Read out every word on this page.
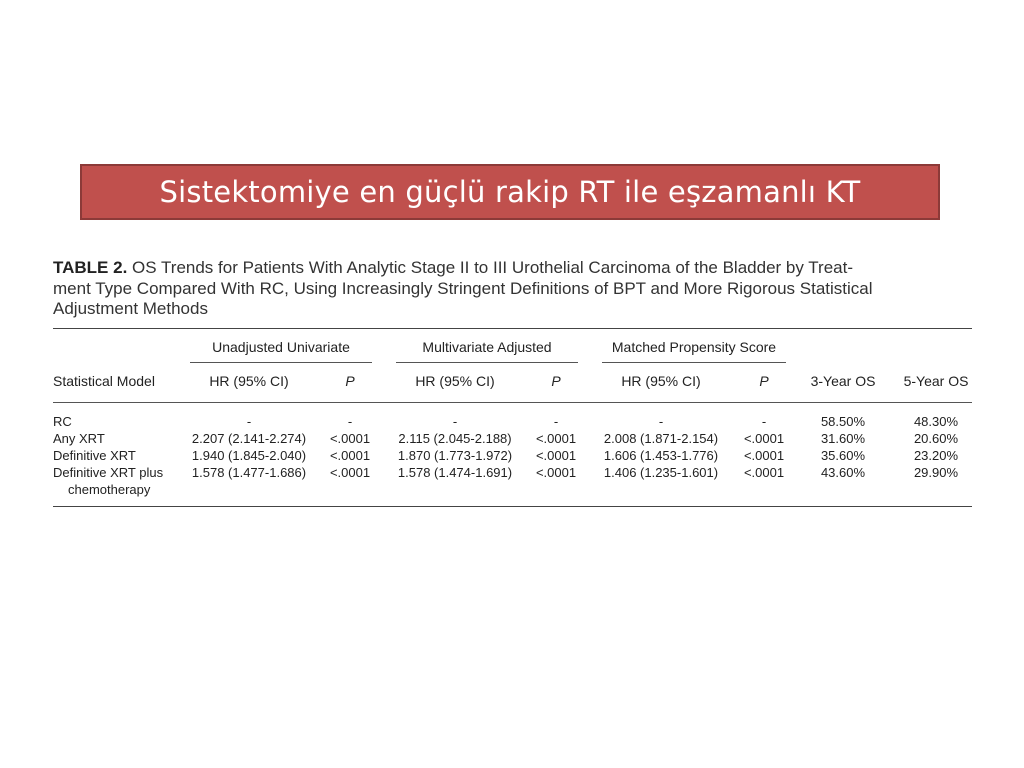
Sistektomiye en güçlü rakip RT ile eşzamanlı KT
TABLE 2. OS Trends for Patients With Analytic Stage II to III Urothelial Carcinoma of the Bladder by Treat-
ment Type Compared With RC, Using Increasingly Stringent Definitions of BPT and More Rigorous Statistical
Adjustment Methods
Unadjusted Univariate	Multivariate Adjusted	Matched Propensity Score
Statistical Model	HR (95% CI)	P	HR (95% CI)	P	HR (95% CI)	P	3-Year OS	5-Year OS
RC	-	-	-	-	-	-	58.50%	48.30%
Any XRT	2.207 (2.141-2.274)	<.0001	2.115 (2.045-2.188)	<.0001	2.008 (1.871-2.154)	<.0001	31.60%	20.60%
Definitive XRT	1.940 (1.845-2.040)	<.0001	1.870 (1.773-1.972)	<.0001	1.606 (1.453-1.776)	<.0001	35.60%	23.20%
Definitive XRT plus
chemotherapy
1.578 (1.477-1.686)	<.0001	1.578 (1.474-1.691)	<.0001	1.406 (1.235-1.601)	<.0001	43.60%	29.90%
